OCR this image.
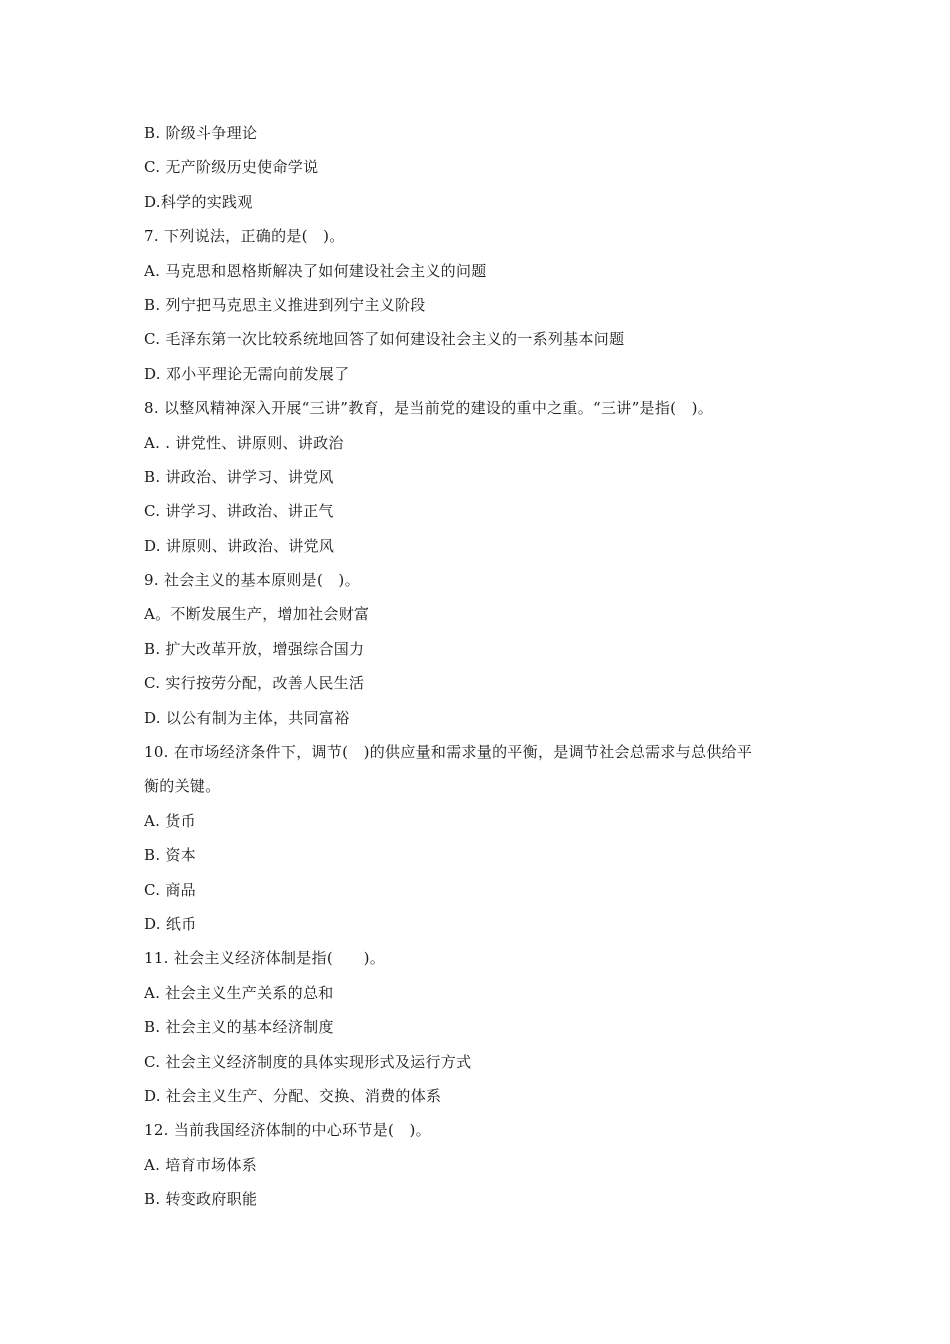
B. 阶级斗争理论
C. 无产阶级历史使命学说
D.科学的实践观
7. 下列说法，正确的是(　)。
A. 马克思和恩格斯解决了如何建设社会主义的问题
B. 列宁把马克思主义推进到列宁主义阶段
C. 毛泽东第一次比较系统地回答了如何建设社会主义的一系列基本问题
D. 邓小平理论无需向前发展了
8. 以整风精神深入开展“三讲”教育，是当前党的建设的重中之重。“三讲”是指(　)。
A. . 讲党性、讲原则、讲政治
B. 讲政治、讲学习、讲党风
C. 讲学习、讲政治、讲正气
D. 讲原则、讲政治、讲党风
9. 社会主义的基本原则是(　)。
A。不断发展生产，增加社会财富
B. 扩大改革开放，增强综合国力
C. 实行按劳分配，改善人民生活
D. 以公有制为主体，共同富裕
10. 在市场经济条件下，调节(　)的供应量和需求量的平衡，是调节社会总需求与总供给平
衡的关键。
A. 货币
B. 资本
C. 商品
D. 纸币
11. 社会主义经济体制是指(　　)。
A. 社会主义生产关系的总和
B. 社会主义的基本经济制度
C. 社会主义经济制度的具体实现形式及运行方式
D. 社会主义生产、分配、交换、消费的体系
12. 当前我国经济体制的中心环节是(　)。
A. 培育市场体系
B. 转变政府职能
